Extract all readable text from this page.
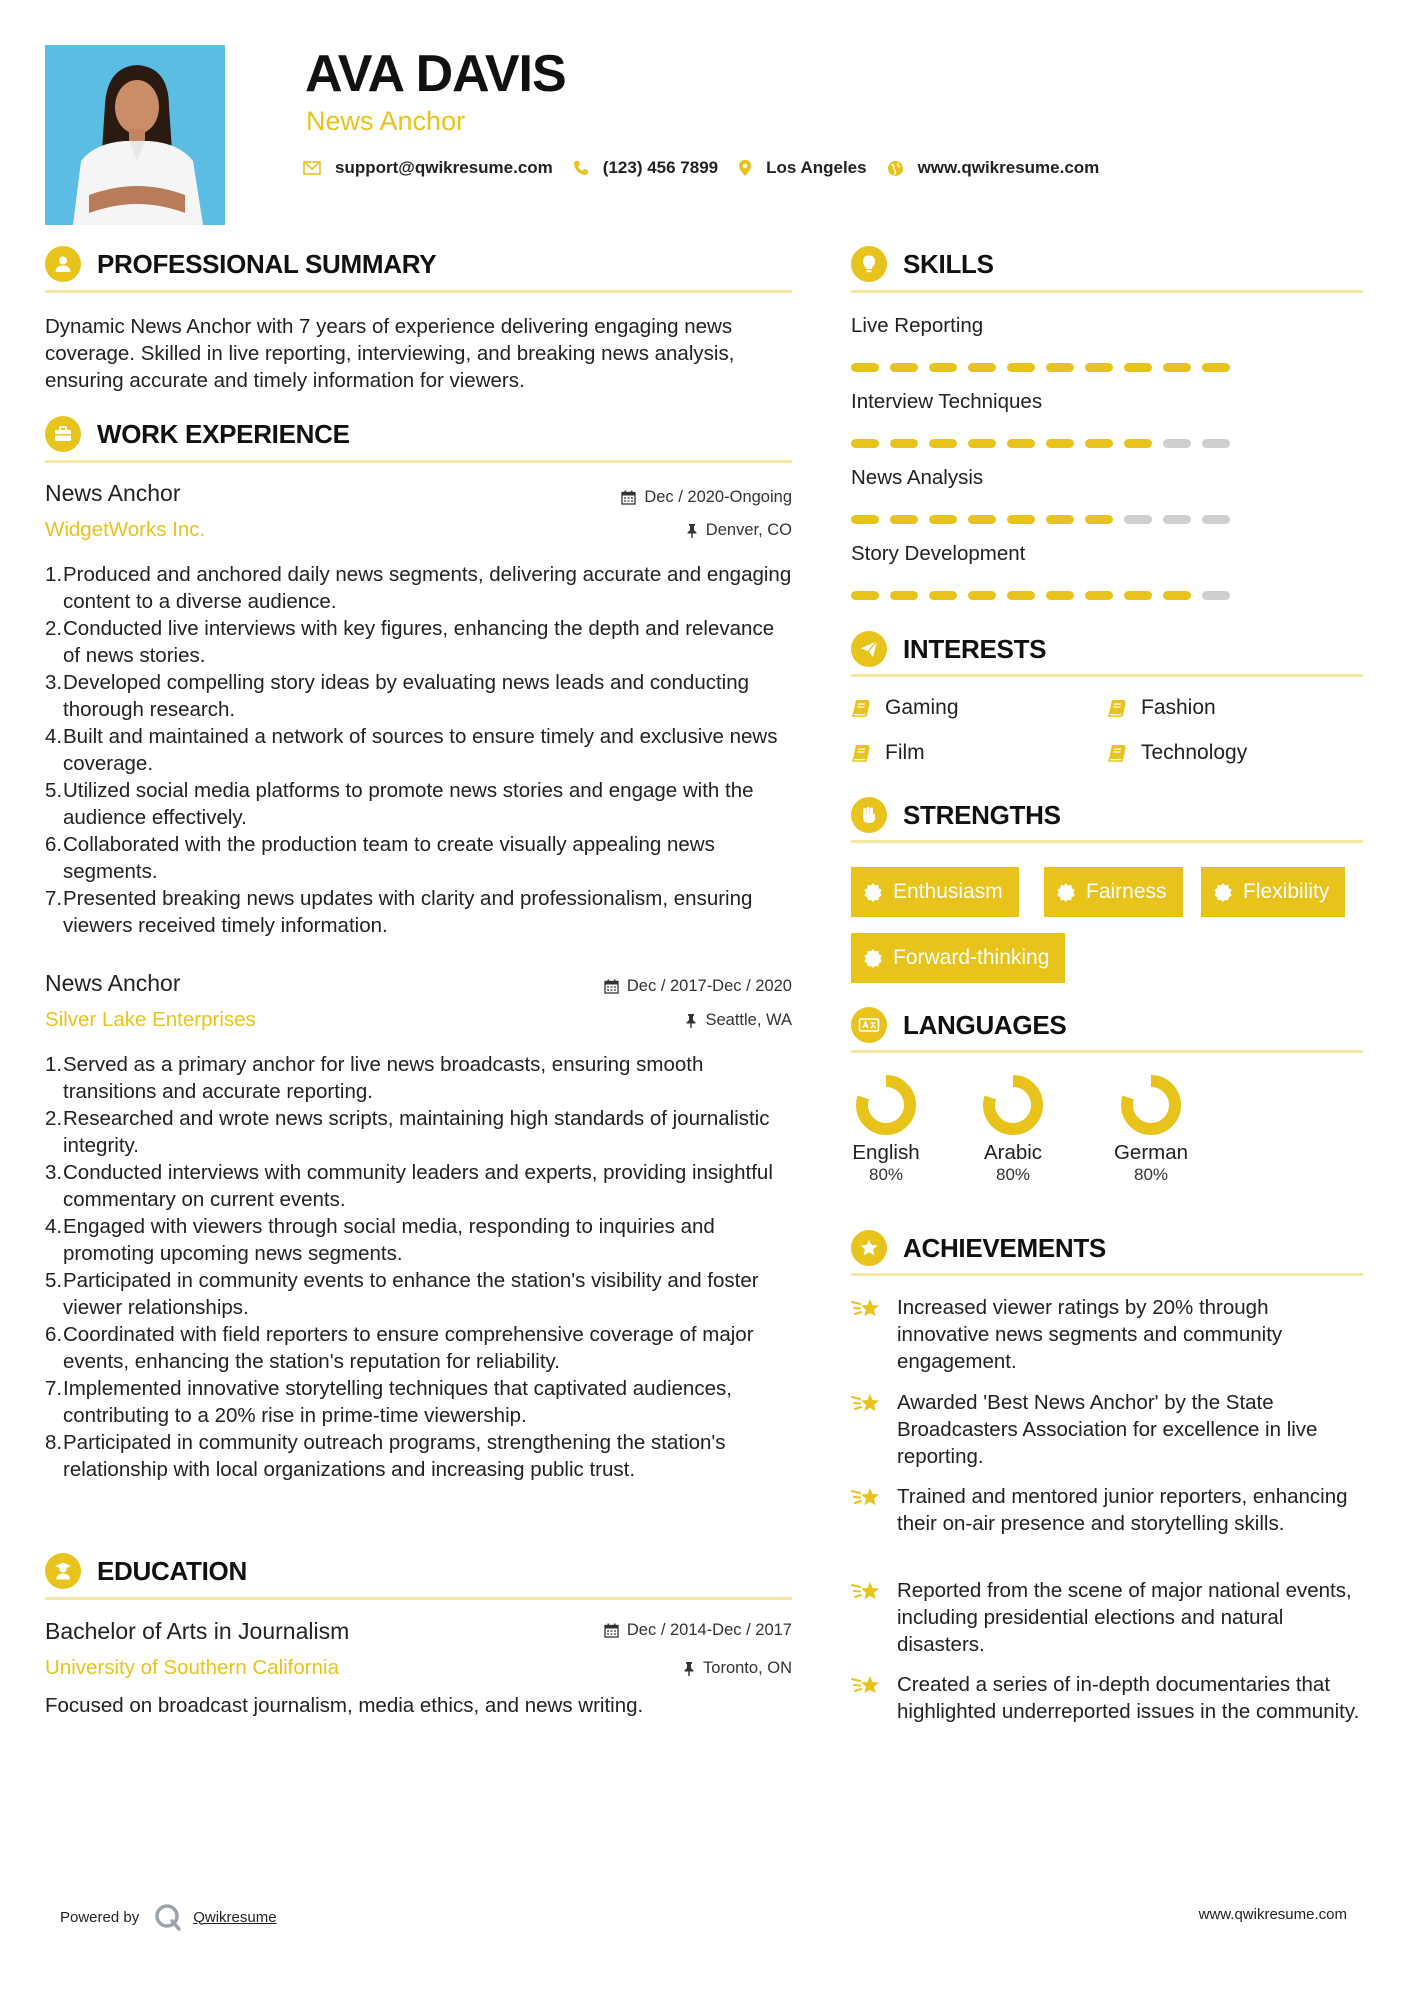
AVA DAVIS
News Anchor
support@qwikresume.com	(123) 456 7899	Los Angeles	www.qwikresume.com
PROFESSIONAL SUMMARY
Dynamic News Anchor with 7 years of experience delivering engaging news coverage. Skilled in live reporting, interviewing, and breaking news analysis, ensuring accurate and timely information for viewers.
WORK EXPERIENCE
News Anchor	Dec / 2020-Ongoing
WidgetWorks Inc.	Denver, CO
Produced and anchored daily news segments, delivering accurate and engaging content to a diverse audience.
Conducted live interviews with key figures, enhancing the depth and relevance of news stories.
Developed compelling story ideas by evaluating news leads and conducting thorough research.
Built and maintained a network of sources to ensure timely and exclusive news coverage.
Utilized social media platforms to promote news stories and engage with the audience effectively.
Collaborated with the production team to create visually appealing news segments.
Presented breaking news updates with clarity and professionalism, ensuring viewers received timely information.
News Anchor	Dec / 2017-Dec / 2020
Silver Lake Enterprises	Seattle, WA
Served as a primary anchor for live news broadcasts, ensuring smooth transitions and accurate reporting.
Researched and wrote news scripts, maintaining high standards of journalistic integrity.
Conducted interviews with community leaders and experts, providing insightful commentary on current events.
Engaged with viewers through social media, responding to inquiries and promoting upcoming news segments.
Participated in community events to enhance the station's visibility and foster viewer relationships.
Coordinated with field reporters to ensure comprehensive coverage of major events, enhancing the station's reputation for reliability.
Implemented innovative storytelling techniques that captivated audiences, contributing to a 20% rise in prime-time viewership.
Participated in community outreach programs, strengthening the station's relationship with local organizations and increasing public trust.
EDUCATION
Bachelor of Arts in Journalism	Dec / 2014-Dec / 2017
University of Southern California	Toronto, ON
Focused on broadcast journalism, media ethics, and news writing.
SKILLS
Live Reporting
Interview Techniques
News Analysis
Story Development
INTERESTS
Gaming	Fashion
Film	Technology
STRENGTHS
Enthusiasm	Fairness	Flexibility
Forward-thinking
LANGUAGES
English
80%
Arabic
80%
German
80%
ACHIEVEMENTS
Increased viewer ratings by 20% through innovative news segments and community engagement.
Awarded 'Best News Anchor' by the State Broadcasters Association for excellence in live reporting.
Trained and mentored junior reporters, enhancing their on-air presence and storytelling skills.
Reported from the scene of major national events, including presidential elections and natural disasters.
Created a series of in-depth documentaries that highlighted underreported issues in the community.
Powered by	Qwikresume	www.qwikresume.com
